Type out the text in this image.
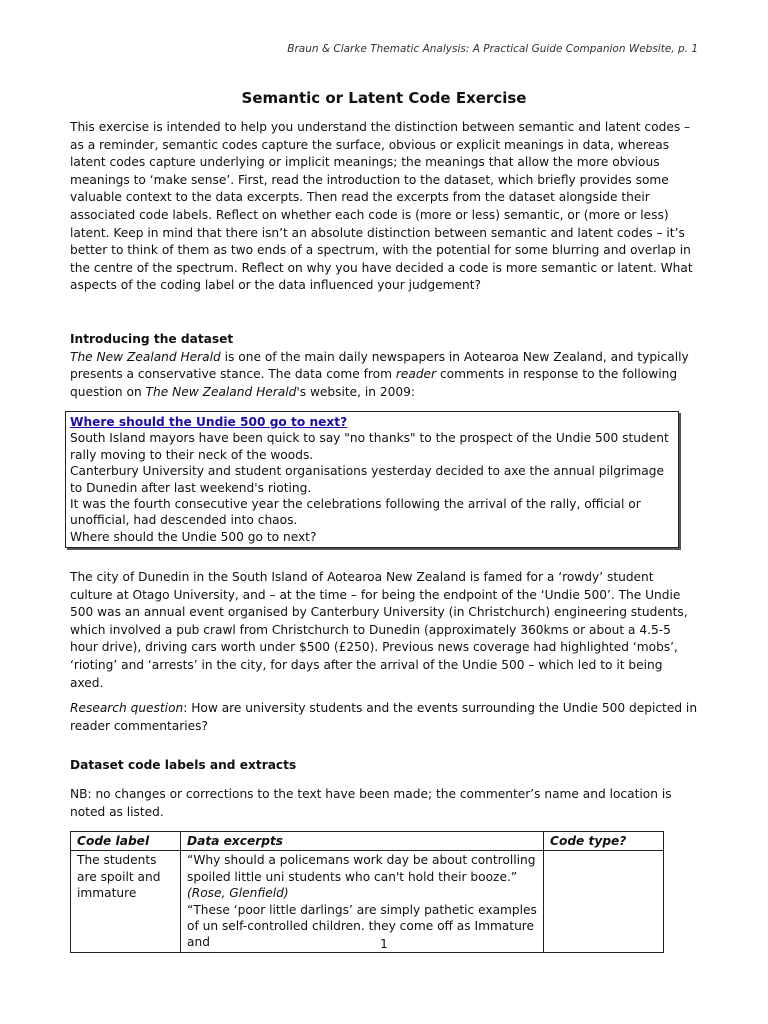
Braun & Clarke Thematic Analysis: A Practical Guide Companion Website, p. 1
Semantic or Latent Code Exercise

This exercise is intended to help you understand the distinction between semantic and latent codes – as a reminder, semantic codes capture the surface, obvious or explicit meanings in data, whereas latent codes capture underlying or implicit meanings; the meanings that allow the more obvious meanings to ‘make sense’. First, read the introduction to the dataset, which briefly provides some valuable context to the data excerpts. Then read the excerpts from the dataset alongside their associated code labels. Reflect on whether each code is (more or less) semantic, or (more or less) latent. Keep in mind that there isn’t an absolute distinction between semantic and latent codes – it’s better to think of them as two ends of a spectrum, with the potential for some blurring and overlap in the centre of the spectrum. Reflect on why you have decided a code is more semantic or latent. What aspects of the coding label or the data influenced your judgement?

Introducing the dataset

The New Zealand Herald is one of the main daily newspapers in Aotearoa New Zealand, and typically presents a conservative stance. The data come from reader comments in response to the following question on The New Zealand Herald's website, in 2009:

Where should the Undie 500 go to next?

South Island mayors have been quick to say "no thanks" to the prospect of the Undie 500 student rally moving to their neck of the woods.

Canterbury University and student organisations yesterday decided to axe the annual pilgrimage to Dunedin after last weekend's rioting.

It was the fourth consecutive year the celebrations following the arrival of the rally, official or unofficial, had descended into chaos.

Where should the Undie 500 go to next?

The city of Dunedin in the South Island of Aotearoa New Zealand is famed for a ‘rowdy’ student culture at Otago University, and – at the time – for being the endpoint of the ‘Undie 500’. The Undie 500 was an annual event organised by Canterbury University (in Christchurch) engineering students, which involved a pub crawl from Christchurch to Dunedin (approximately 360kms or about a 4.5-5 hour drive), driving cars worth under $500 (£250). Previous news coverage had highlighted ‘mobs’, ‘rioting’ and ‘arrests’ in the city, for days after the arrival of the Undie 500 – which led to it being axed.

Research question: How are university students and the events surrounding the Undie 500 depicted in reader commentaries?

Dataset code labels and extracts

NB: no changes or corrections to the text have been made; the commenter’s name and location is noted as listed.

Code label	Data excerpts	Code type?
The students are spoilt and immature	“Why should a policemans work day be about controlling spoiled little uni students who can't hold their booze.”

(Rose, Glenfield)

“These ‘poor little darlings’ are simply pathetic examples of un self-controlled children. they come off as Immature and	

		1
